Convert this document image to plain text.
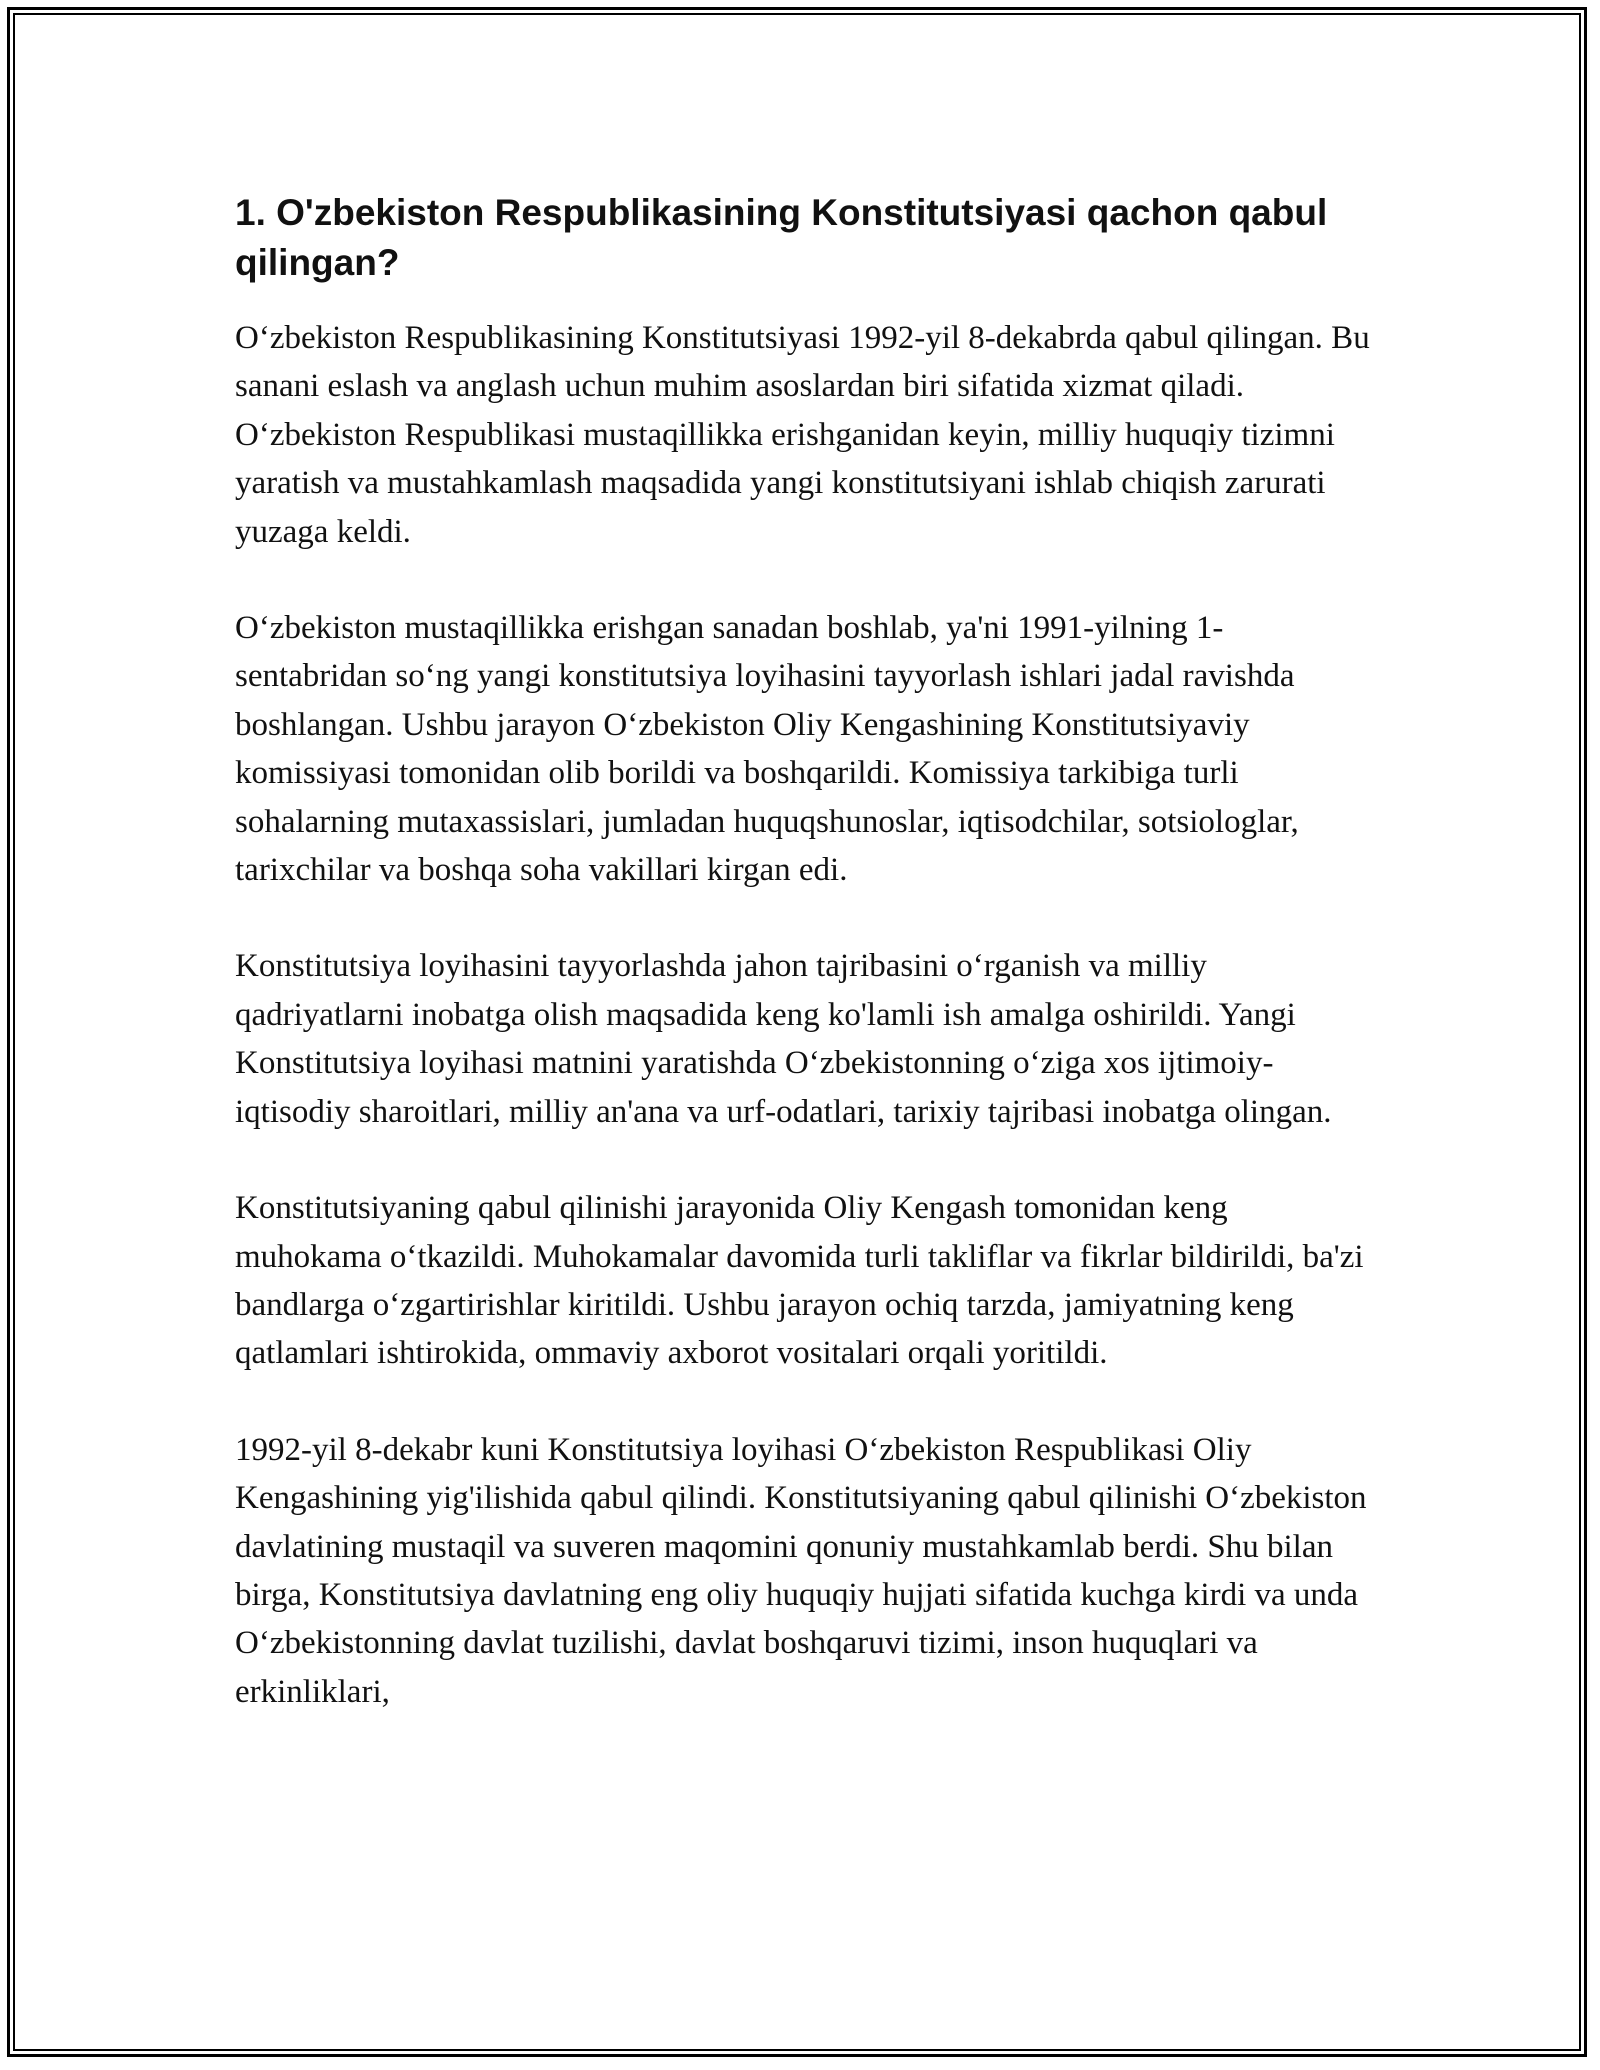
1. O'zbekiston Respublikasining Konstitutsiyasi qachon qabul qilingan?

O‘zbekiston Respublikasining Konstitutsiyasi 1992-yil 8-dekabrda qabul qilingan. Bu sanani eslash va anglash uchun muhim asoslardan biri sifatida xizmat qiladi. O‘zbekiston Respublikasi mustaqillikka erishganidan keyin, milliy huquqiy tizimni yaratish va mustahkamlash maqsadida yangi konstitutsiyani ishlab chiqish zarurati yuzaga keldi.

O‘zbekiston mustaqillikka erishgan sanadan boshlab, ya'ni 1991-yilning 1-sentabridan so‘ng yangi konstitutsiya loyihasini tayyorlash ishlari jadal ravishda boshlangan. Ushbu jarayon O‘zbekiston Oliy Kengashining Konstitutsiyaviy komissiyasi tomonidan olib borildi va boshqarildi. Komissiya tarkibiga turli sohalarning mutaxassislari, jumladan huquqshunoslar, iqtisodchilar, sotsiologlar, tarixchilar va boshqa soha vakillari kirgan edi.

Konstitutsiya loyihasini tayyorlashda jahon tajribasini o‘rganish va milliy qadriyatlarni inobatga olish maqsadida keng ko'lamli ish amalga oshirildi. Yangi Konstitutsiya loyihasi matnini yaratishda O‘zbekistonning o‘ziga xos ijtimoiy-iqtisodiy sharoitlari, milliy an'ana va urf-odatlari, tarixiy tajribasi inobatga olingan.

Konstitutsiyaning qabul qilinishi jarayonida Oliy Kengash tomonidan keng muhokama o‘tkazildi. Muhokamalar davomida turli takliflar va fikrlar bildirildi, ba'zi bandlarga o‘zgartirishlar kiritildi. Ushbu jarayon ochiq tarzda, jamiyatning keng qatlamlari ishtirokida, ommaviy axborot vositalari orqali yoritildi.

1992-yil 8-dekabr kuni Konstitutsiya loyihasi O‘zbekiston Respublikasi Oliy Kengashining yig'ilishida qabul qilindi. Konstitutsiyaning qabul qilinishi O‘zbekiston davlatining mustaqil va suveren maqomini qonuniy mustahkamlab berdi. Shu bilan birga, Konstitutsiya davlatning eng oliy huquqiy hujjati sifatida kuchga kirdi va unda O‘zbekistonning davlat tuzilishi, davlat boshqaruvi tizimi, inson huquqlari va erkinliklari,
